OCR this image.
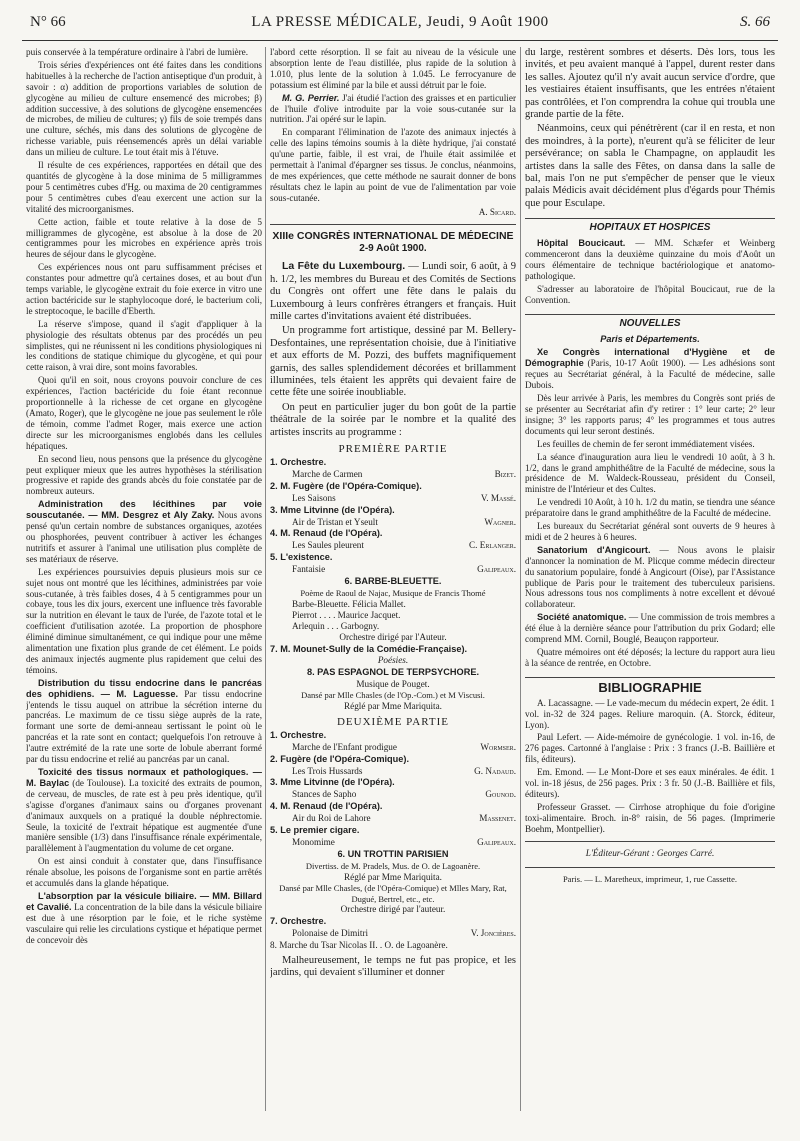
N° 66	LA PRESSE MÉDICALE, Jeudi, 9 Août 1900	S. 66

puis conservée à la température ordinaire à l'abri de lumière.

Trois séries d'expériences ont été faites dans les conditions habituelles à la recherche de l'action antiseptique d'un produit, à savoir : α) addition de proportions variables de solution de glycogène au milieu de culture ensemencé des microbes; β) addition successive, à des solutions de glycogène ensemencées de microbes, de milieu de cultures; γ) fils de soie trempés dans une culture, séchés, mis dans des solutions de glycogène de richesse variable, puis réensemencés après un délai variable dans un milieu de culture. Le tout était mis à l'étuve.

Il résulte de ces expériences, rapportées en détail que des quantités de glycogène à la dose minima de 5 milligrammes pour 5 centimètres cubes d'Hg. ou maxima de 20 centigrammes pour 5 centimètres cubes d'eau exercent une action sur la vitalité des microorganismes.

Cette action, faible et toute relative à la dose de 5 milligrammes de glycogène, est absolue à la dose de 20 centigrammes pour les microbes en expérience après trois heures de séjour dans le glycogène.

Ces expériences nous ont paru suffisamment précises et constantes pour admettre qu'à certaines doses, et au bout d'un temps variable, le glycogène extrait du foie exerce in vitro une action bactéricide sur le staphylocoque doré, le bacterium coli, le streptocoque, le bacille d'Eberth.

La réserve s'impose, quand il s'agit d'appliquer à la physiologie des résultats obtenus par des procédés un peu simplistes, qui ne réunissent ni les conditions physiologiques ni les conditions de statique chimique du glycogène, et qui pour cette raison, à vrai dire, sont moins favorables.

Quoi qu'il en soit, nous croyons pouvoir conclure de ces expériences, l'action bactéricide du foie étant reconnue proportionnelle à la richesse de cet organe en glycogène (Amato, Roger), que le glycogène ne joue pas seulement le rôle de témoin, comme l'admet Roger, mais exerce une action directe sur les microorganismes englobés dans les cellules hépatiques.

En second lieu, nous pensons que la présence du glycogène peut expliquer mieux que les autres hypothèses la stérilisation progressive et rapide des grands abcès du foie constatée par de nombreux auteurs.

Administration des lécithines par voie souscutanée. — MM. Desgrez et Aly Zaky. Nous avons pensé qu'un certain nombre de substances organiques, azotées ou phosphorées, peuvent contribuer à activer les échanges nutritifs et assurer à l'animal une utilisation plus complète de ses matériaux de réserve.

Les expériences poursuivies depuis plusieurs mois sur ce sujet nous ont montré que les lécithines, administrées par voie sous-cutanée, à très faibles doses, 4 à 5 centigrammes pour un cobaye, tous les dix jours, exercent une influence très favorable sur la nutrition en élevant le taux de l'urée, de l'azote total et le coefficient d'utilisation azotée. La proportion de phosphore éliminé diminue simultanément, ce qui indique pour une même alimentation une fixation plus grande de cet élément. Le poids des animaux injectés augmente plus rapidement que celui des témoins.

Distribution du tissu endocrine dans le pancréas des ophidiens. — M. Laguesse. Par tissu endocrine j'entends le tissu auquel on attribue la sécrétion interne du pancréas. Le maximum de ce tissu siège auprès de la rate, formant une sorte de demi-anneau sertissant le point où le pancréas et la rate sont en contact; quelquefois l'on retrouve à l'autre extrémité de la rate une sorte de lobule aberrant formé par du tissu endocrine et relié au pancréas par un canal.

Toxicité des tissus normaux et pathologiques. — M. Baylac (de Toulouse). La toxicité des extraits de poumon, de cerveau, de muscles, de rate est à peu près identique, qu'il s'agisse d'organes d'animaux sains ou d'organes provenant d'animaux auxquels on a pratiqué la double néphrectomie. Seule, la toxicité de l'extrait hépatique est augmentée d'une manière sensible (1/3) dans l'insuffisance rénale expérimentale, parallèlement à l'augmentation du volume de cet organe.

On est ainsi conduit à constater que, dans l'insuffisance rénale absolue, les poisons de l'organisme sont en partie arrêtés et accumulés dans la glande hépatique.

L'absorption par la vésicule biliaire. — MM. Billard et Cavalié. La concentration de la bile dans la vésicule biliaire est due à une résorption par le foie, et le riche système vasculaire qui relie les circulations cystique et hépatique permet de concevoir dès

l'abord cette résorption. Il se fait au niveau de la vésicule une absorption lente de l'eau distillée, plus rapide de la solution à 1.010, plus lente de la solution à 1.045. Le ferrocyanure de potassium est éliminé par la bile et aussi détruit par le foie.

M. G. Perrier. J'ai étudié l'action des graisses et en particulier de l'huile d'olive introduite par la voie sous-cutanée sur la nutrition. J'ai opéré sur le lapin.

En comparant l'élimination de l'azote des animaux injectés à celle des lapins témoins soumis à la diète hydrique, j'ai constaté qu'une partie, faible, il est vrai, de l'huile était assimilée et permettait à l'animal d'épargner ses tissus. Je conclus, néanmoins, de mes expériences, que cette méthode ne saurait donner de bons résultats chez le lapin au point de vue de l'alimentation par voie sous-cutanée.

A. Sicard.
XIIIe CONGRÈS INTERNATIONAL DE MÉDECINE
2-9 Août 1900.

La Fête du Luxembourg. — Lundi soir, 6 août, à 9 h. 1/2, les membres du Bureau et des Comités de Sections du Congrès ont offert une fête dans le palais du Luxembourg à leurs confrères étrangers et français. Huit mille cartes d'invitations avaient été distribuées.

Un programme fort artistique, dessiné par M. Bellery-Desfontaines, une représentation choisie, due à l'initiative et aux efforts de M. Pozzi, des buffets magnifiquement garnis, des salles splendidement décorées et brillamment illuminées, tels étaient les apprêts qui devaient faire de cette fête une soirée inoubliable.

On peut en particulier juger du bon goût de la partie théâtrale de la soirée par le nombre et la qualité des artistes inscrits au programme :

PREMIÈRE PARTIE
1. Orchestre.
Marche de Carmen	Bizet.
2. M. Fugère (de l'Opéra-Comique).
Les Saisons	V. Massé.
3. Mme Litvinne (de l'Opéra).
Air de Tristan et Yseult	Wagner.
4. M. Renaud (de l'Opéra).
Les Saules pleurent	C. Erlanger.
5. L'existence.
Fantaisie	Galipeaux.
6. BARBE-BLEUETTE.
Poème de Raoul de Najac, Musique de Francis Thomé
Barbe-Bleuette. Félicia Mallet.
Pierrot . . . . Maurice Jacquet.
Arlequin . . . Garbogny.
Orchestre dirigé par l'Auteur.
7. M. Mounet-Sully de la Comédie-Française).
Poésies.
8. PAS ESPAGNOL DE TERPSYCHORE.
Musique de Pouget.
Dansé par Mlle Chasles (de l'Op.-Com.) et M Viscusi.
Réglé par Mme Mariquita.
DEUXIÈME PARTIE
1. Orchestre.
Marche de l'Enfant prodigue	Wormser.
2. Fugère (de l'Opéra-Comique).
Les Trois Hussards	G. Nadaud.
3. Mme Litvinne (de l'Opéra).
Stances de Sapho	Gounod.
4. M. Renaud (de l'Opéra).
Air du Roi de Lahore	Massenet.
5. Le premier cigare.
Monomime	Galipeaux.
6. UN TROTTIN PARISIEN
Divertiss. de M. Pradels, Mus. de O. de Lagoanère.
Réglé par Mme Mariquita.
Dansé par Mlle Chasles, (de l'Opéra-Comique) et Mlles Mary, Rat, Dugué, Bertrel, etc., etc.
Orchestre dirigé par l'auteur.
7. Orchestre.
Polonaise de Dimitri	V. Joncières.
8. Marche du Tsar Nicolas II. . O. de Lagoanère.

Malheureusement, le temps ne fut pas propice, et les jardins, qui devaient s'illuminer et donner

du large, restèrent sombres et déserts. Dès lors, tous les invités, et peu avaient manqué à l'appel, durent rester dans les salles. Ajoutez qu'il n'y avait aucun service d'ordre, que les vestiaires étaient insuffisants, que les entrées n'étaient pas contrôlées, et l'on comprendra la cohue qui troubla une grande partie de la fête.

Néanmoins, ceux qui pénétrèrent (car il en resta, et non des moindres, à la porte), n'eurent qu'à se féliciter de leur persévérance; on sabla le Champagne, on applaudit les artistes dans la salle des Fêtes, on dansa dans la salle de bal, mais l'on ne put s'empêcher de penser que le vieux palais Médicis avait décidément plus d'égards pour Thémis que pour Esculape.

HOPITAUX ET HOSPICES

Hôpital Boucicaut. — MM. Schæfer et Weinberg commenceront dans la deuxième quinzaine du mois d'Août un cours élémentaire de technique bactériologique et anatomo-pathologique.

S'adresser au laboratoire de l'hôpital Boucicaut, rue de la Convention.

NOUVELLES
Paris et Départements.

Xe Congrès international d'Hygiène et de Démographie (Paris, 10-17 Août 1900). — Les adhésions sont reçues au Secrétariat général, à la Faculté de médecine, salle Dubois.

Dès leur arrivée à Paris, les membres du Congrès sont priés de se présenter au Secrétariat afin d'y retirer : 1° leur carte; 2° leur insigne; 3° les rapports parus; 4° les programmes et tous autres documents qui leur seront destinés.

Les feuilles de chemin de fer seront immédiatement visées.

La séance d'inauguration aura lieu le vendredi 10 août, à 3 h. 1/2, dans le grand amphithéâtre de la Faculté de médecine, sous la présidence de M. Waldeck-Rousseau, président du Conseil, ministre de l'Intérieur et des Cultes.

Le vendredi 10 Août, à 10 h. 1/2 du matin, se tiendra une séance préparatoire dans le grand amphithéâtre de la Faculté de médecine.

Les bureaux du Secrétariat général sont ouverts de 9 heures à midi et de 2 heures à 6 heures.

Sanatorium d'Angicourt. — Nous avons le plaisir d'annoncer la nomination de M. Plicque comme médecin directeur du sanatorium populaire, fondé à Angicourt (Oise), par l'Assistance publique de Paris pour le traitement des tuberculeux parisiens. Nous adressons tous nos compliments à notre excellent et dévoué collaborateur.

Société anatomique. — Une commission de trois membres a été élue à la dernière séance pour l'attribution du prix Godard; elle comprend MM. Cornil, Bouglé, Beauçon rapporteur.

Quatre mémoires ont été déposés; la lecture du rapport aura lieu à la séance de rentrée, en Octobre.

BIBLIOGRAPHIE

A. Lacassagne. — Le vade-mecum du médecin expert, 2e édit. 1 vol. in-32 de 324 pages. Reliure maroquin. (A. Storck, éditeur, Lyon).

Paul Lefert. — Aide-mémoire de gynécologie. 1 vol. in-16, de 276 pages. Cartonné à l'anglaise : Prix : 3 francs (J.-B. Baillière et fils, éditeurs).

Em. Emond. — Le Mont-Dore et ses eaux minérales. 4e édit. 1 vol. in-18 jésus, de 256 pages. Prix : 3 fr. 50 (J.-B. Baillière et fils, éditeurs).

Professeur Grasset. — Cirrhose atrophique du foie d'origine toxi-alimentaire. Broch. in-8° raisin, de 56 pages. (Imprimerie Boehm, Montpellier).

L'Éditeur-Gérant : Georges Carré.
Paris. — L. Maretheux, imprimeur, 1, rue Cassette.
